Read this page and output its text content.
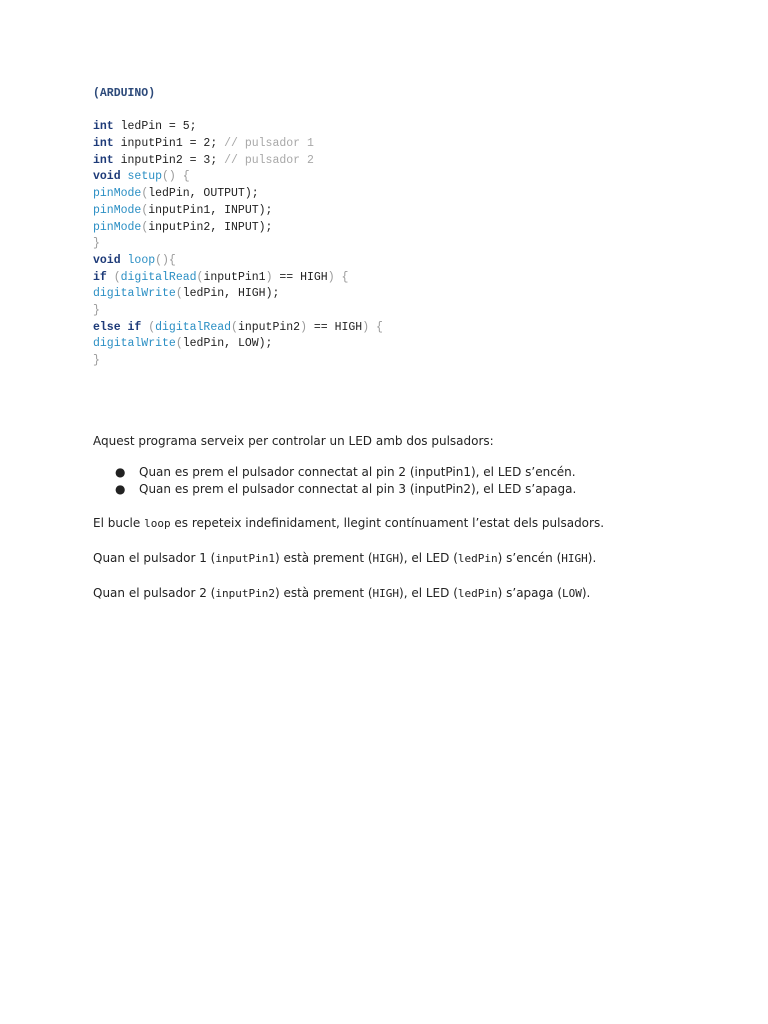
(ARDUINO)
int ledPin = 5;
int inputPin1 = 2; // pulsador 1
int inputPin2 = 3; // pulsador 2
void setup() {
pinMode(ledPin, OUTPUT);
pinMode(inputPin1, INPUT);
pinMode(inputPin2, INPUT);
}
void loop(){
if (digitalRead(inputPin1) == HIGH) {
digitalWrite(ledPin, HIGH);
}
else if (digitalRead(inputPin2) == HIGH) {
digitalWrite(ledPin, LOW);
}

Aquest programa serveix per controlar un LED amb dos pulsadors:

● Quan es prem el pulsador connectat al pin 2 (inputPin1), el LED s’encén.
● Quan es prem el pulsador connectat al pin 3 (inputPin2), el LED s’apaga.

El bucle loop es repeteix indefinidament, llegint contínuament l’estat dels pulsadors.

Quan el pulsador 1 (inputPin1) està prement (HIGH), el LED (ledPin) s’encén (HIGH).

Quan el pulsador 2 (inputPin2) està prement (HIGH), el LED (ledPin) s’apaga (LOW).
